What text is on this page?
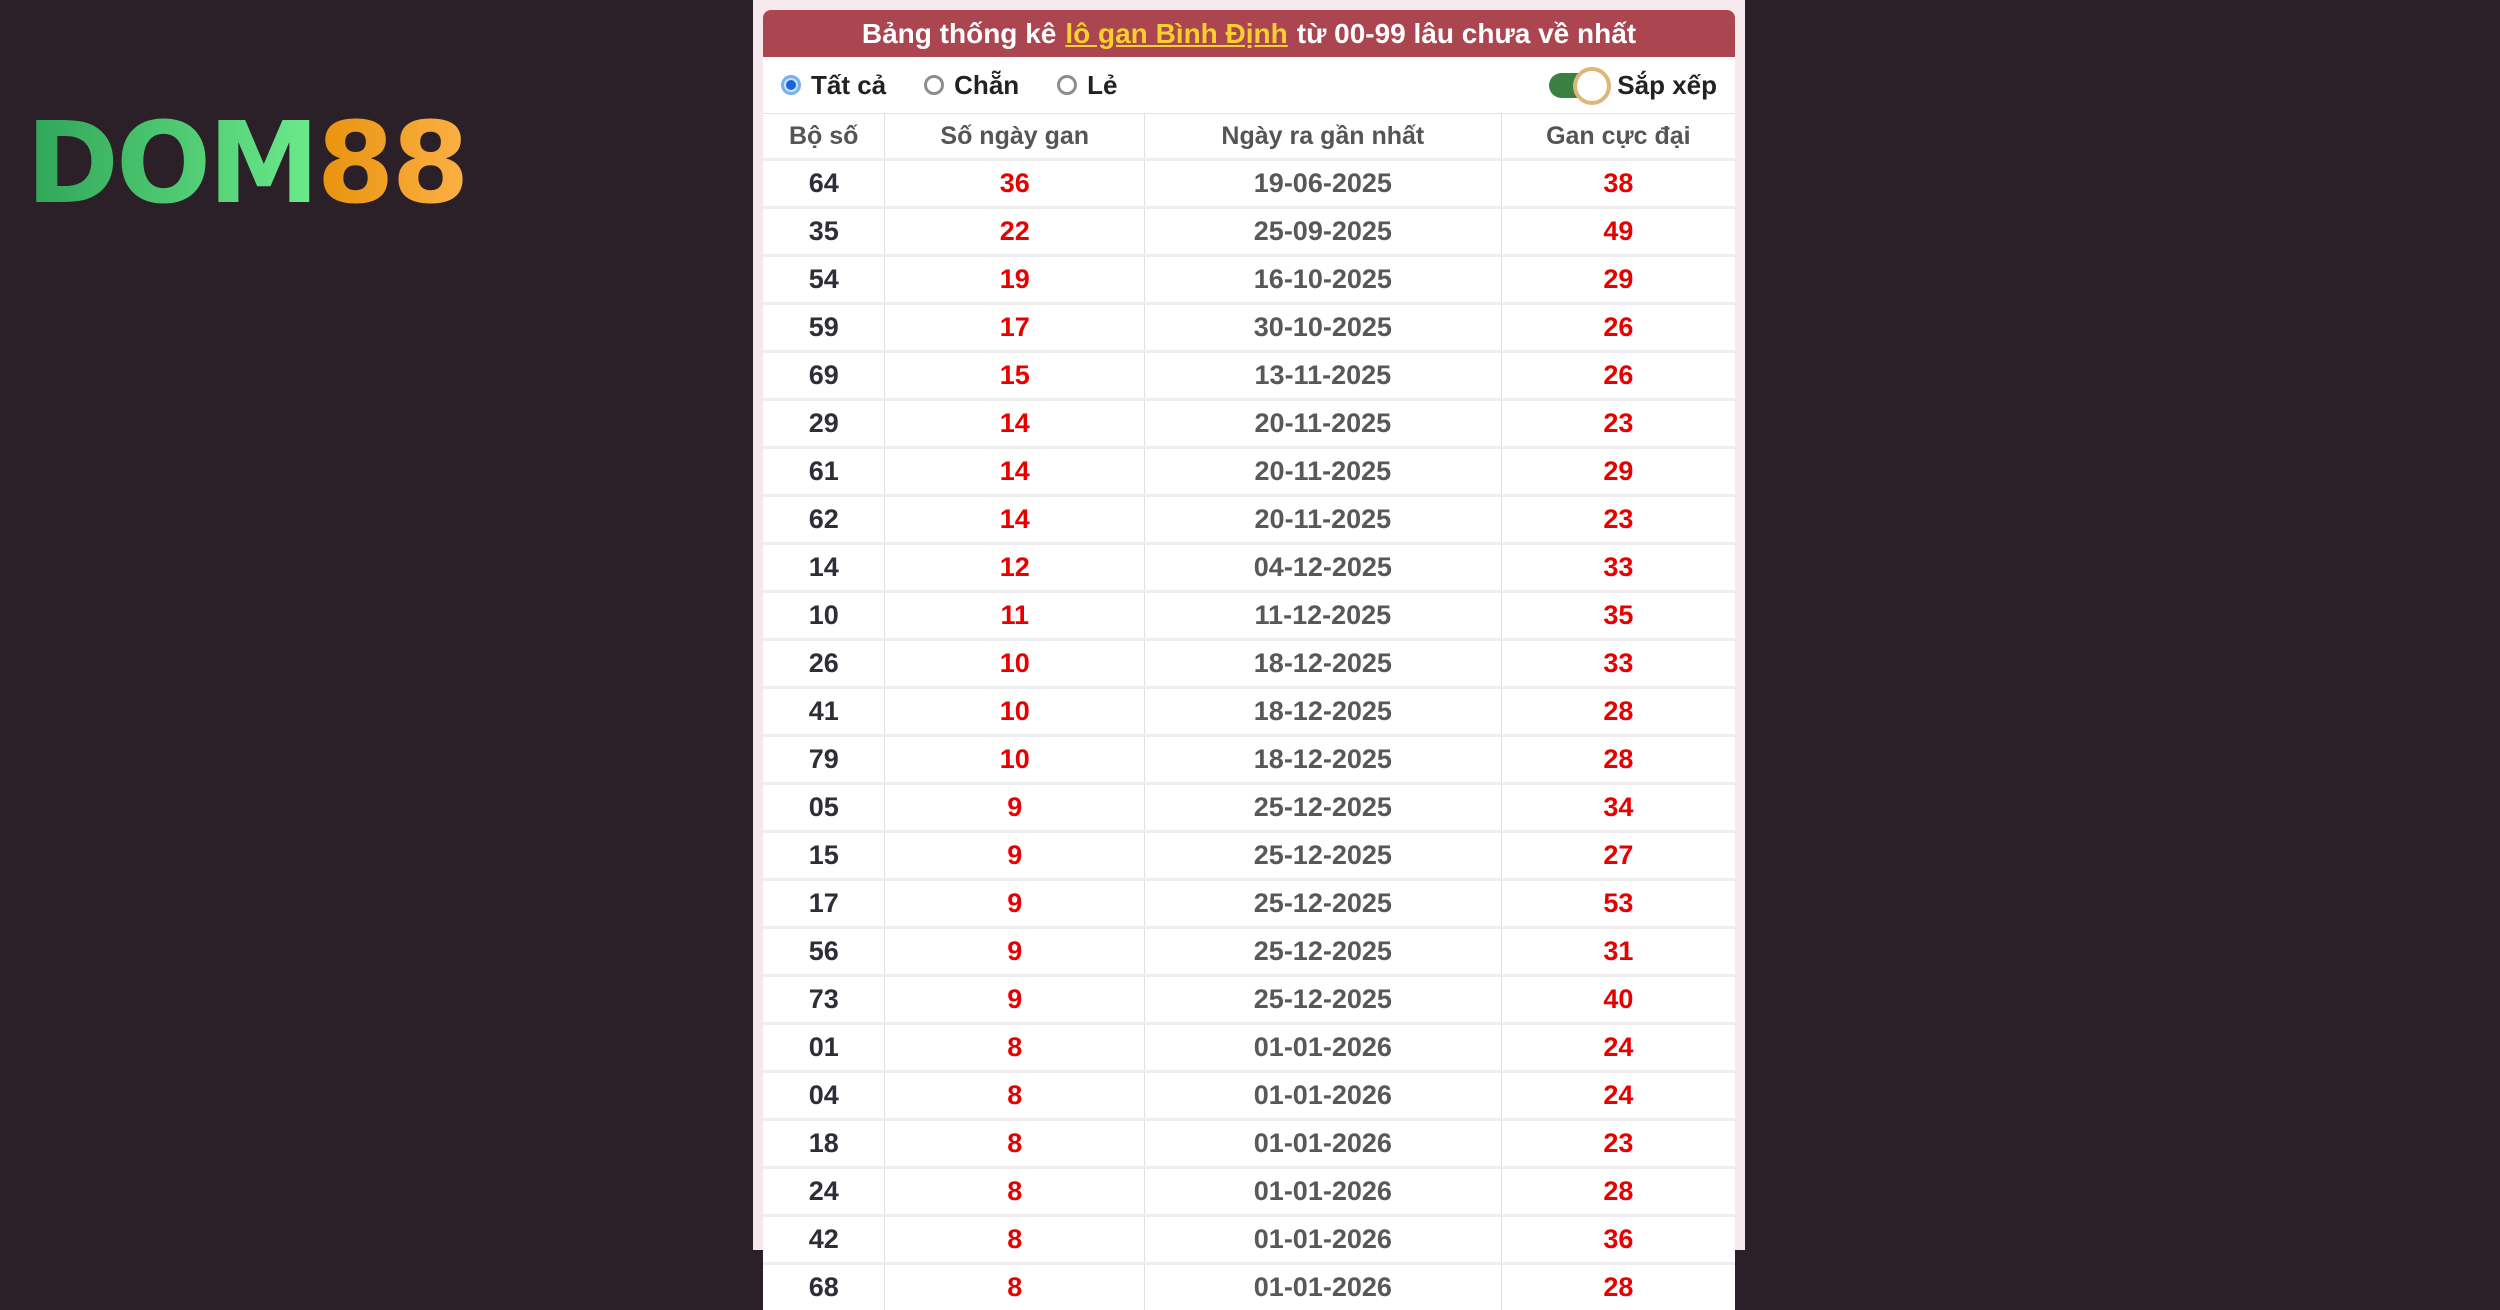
DOM88
Bảng thống kê lô gan Bình Định từ 00-99 lâu chưa về nhất
Tất cả	Chẵn	Lẻ	Sắp xếp
Bộ số	Số ngày gan	Ngày ra gần nhất	Gan cực đại
64	36	19-06-2025	38
35	22	25-09-2025	49
54	19	16-10-2025	29
59	17	30-10-2025	26
69	15	13-11-2025	26
29	14	20-11-2025	23
61	14	20-11-2025	29
62	14	20-11-2025	23
14	12	04-12-2025	33
10	11	11-12-2025	35
26	10	18-12-2025	33
41	10	18-12-2025	28
79	10	18-12-2025	28
05	9	25-12-2025	34
15	9	25-12-2025	27
17	9	25-12-2025	53
56	9	25-12-2025	31
73	9	25-12-2025	40
01	8	01-01-2026	24
04	8	01-01-2026	24
18	8	01-01-2026	23
24	8	01-01-2026	28
42	8	01-01-2026	36
68	8	01-01-2026	28
